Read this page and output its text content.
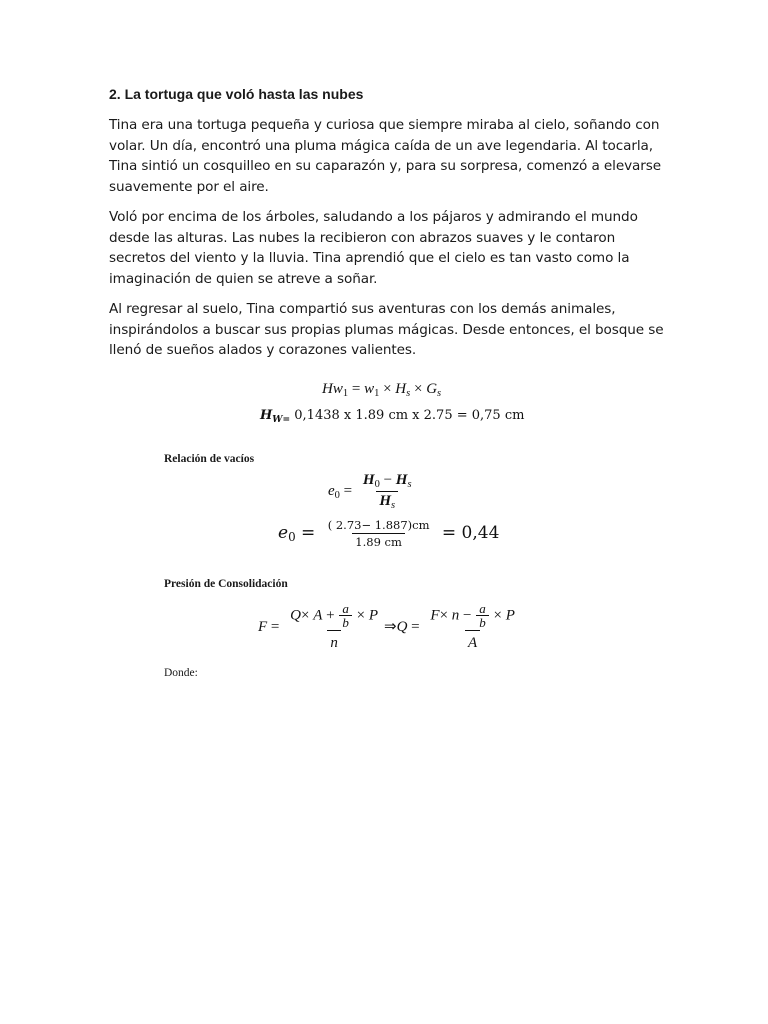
2. La tortuga que voló hasta las nubes

Tina era una tortuga pequeña y curiosa que siempre miraba al cielo, soñando con volar. Un día, encontró una pluma mágica caída de un ave legendaria. Al tocarla, Tina sintió un cosquilleo en su caparazón y, para su sorpresa, comenzó a elevarse suavemente por el aire.

Voló por encima de los árboles, saludando a los pájaros y admirando el mundo desde las alturas. Las nubes la recibieron con abrazos suaves y le contaron secretos del viento y la lluvia. Tina aprendió que el cielo es tan vasto como la imaginación de quien se atreve a soñar.

Al regresar al suelo, Tina compartió sus aventuras con los demás animales, inspirándolos a buscar sus propias plumas mágicas. Desde entonces, el bosque se llenó de sueños alados y corazones valientes.

$Hw_1 = w_1 \times H_s \times G_s$
$H_{W=}$ 0,1438 x 1.89 cm x 2.75 = 0,75 cm
Relación de vacíos
$e_0 = \frac{H_0 - H_s}{H_s}$
$e_0 = \frac{( 2.73- 1.887)cm}{1.89 cm} = 0,44$
Presión de Consolidación
$F = \frac{Q\times A + \frac{a}{b} \times P}{n}$ ⇒Q = $\frac{F\times n - \frac{a}{b} \times P}{A}$
Donde:
